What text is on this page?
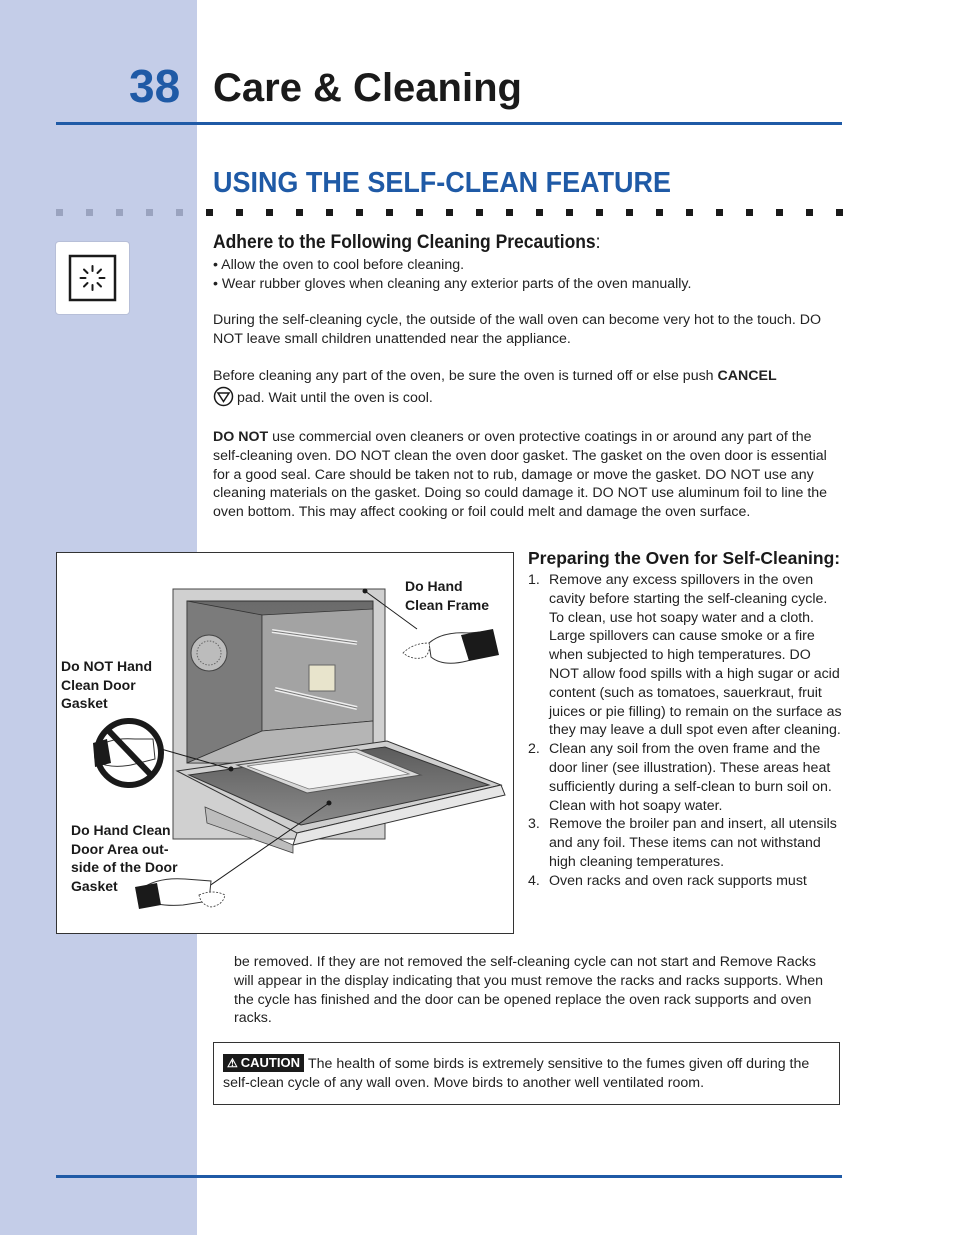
38 Care & Cleaning
USING THE SELF-CLEAN FEATURE
Adhere to the Following Cleaning Precautions:

• Allow the oven to cool before cleaning.

• Wear rubber gloves when cleaning any exterior parts of the oven manually.

During the self-cleaning cycle, the outside of the wall oven can become very hot to the touch. DO NOT leave small children unattended near the appliance.
Before cleaning any part of the oven, be sure the oven is turned off or else push CANCEL
pad. Wait until the oven is cool.
DO NOT use commercial oven cleaners or oven protective coatings in or around any part of the self-cleaning oven. DO NOT clean the oven door gasket. The gasket on the oven door is essential for a good seal. Care should be taken not to rub, damage or move the gasket. DO NOT use any cleaning materials on the gasket. Doing so could damage it. DO NOT use aluminum foil to line the oven bottom. This may affect cooking or foil could melt and damage the oven surface.
Do Hand
Clean Frame
Do NOT Hand
Clean Door
Gasket
Do Hand Clean
Door Area out-
side of the Door
Gasket
Preparing the Oven for Self-Cleaning:
1. Remove any excess spillovers in the oven cavity before starting the self-cleaning cycle. To clean, use hot soapy water and a cloth. Large spillovers can cause smoke or a fire when subjected to high temperatures. DO NOT allow food spills with a high sugar or acid content (such as tomatoes, sauerkraut, fruit juices or pie filling) to remain on the surface as they may leave a dull spot even after cleaning.
2. Clean any soil from the oven frame and the door liner (see illustration). These areas heat sufficiently during a self-clean to burn soil on. Clean with hot soapy water.
3. Remove the broiler pan and insert, all utensils and any foil. These items can not withstand high cleaning temperatures.
4. Oven racks and oven rack supports must
be removed. If they are not removed the self-cleaning cycle can not start and Remove Racks will appear in the display indicating that you must remove the racks and racks supports. When the cycle has finished and the door can be opened replace the oven rack supports and oven racks.
⚠ CAUTION The health of some birds is extremely sensitive to the fumes given off during the self-clean cycle of any wall oven. Move birds to another well ventilated room.
